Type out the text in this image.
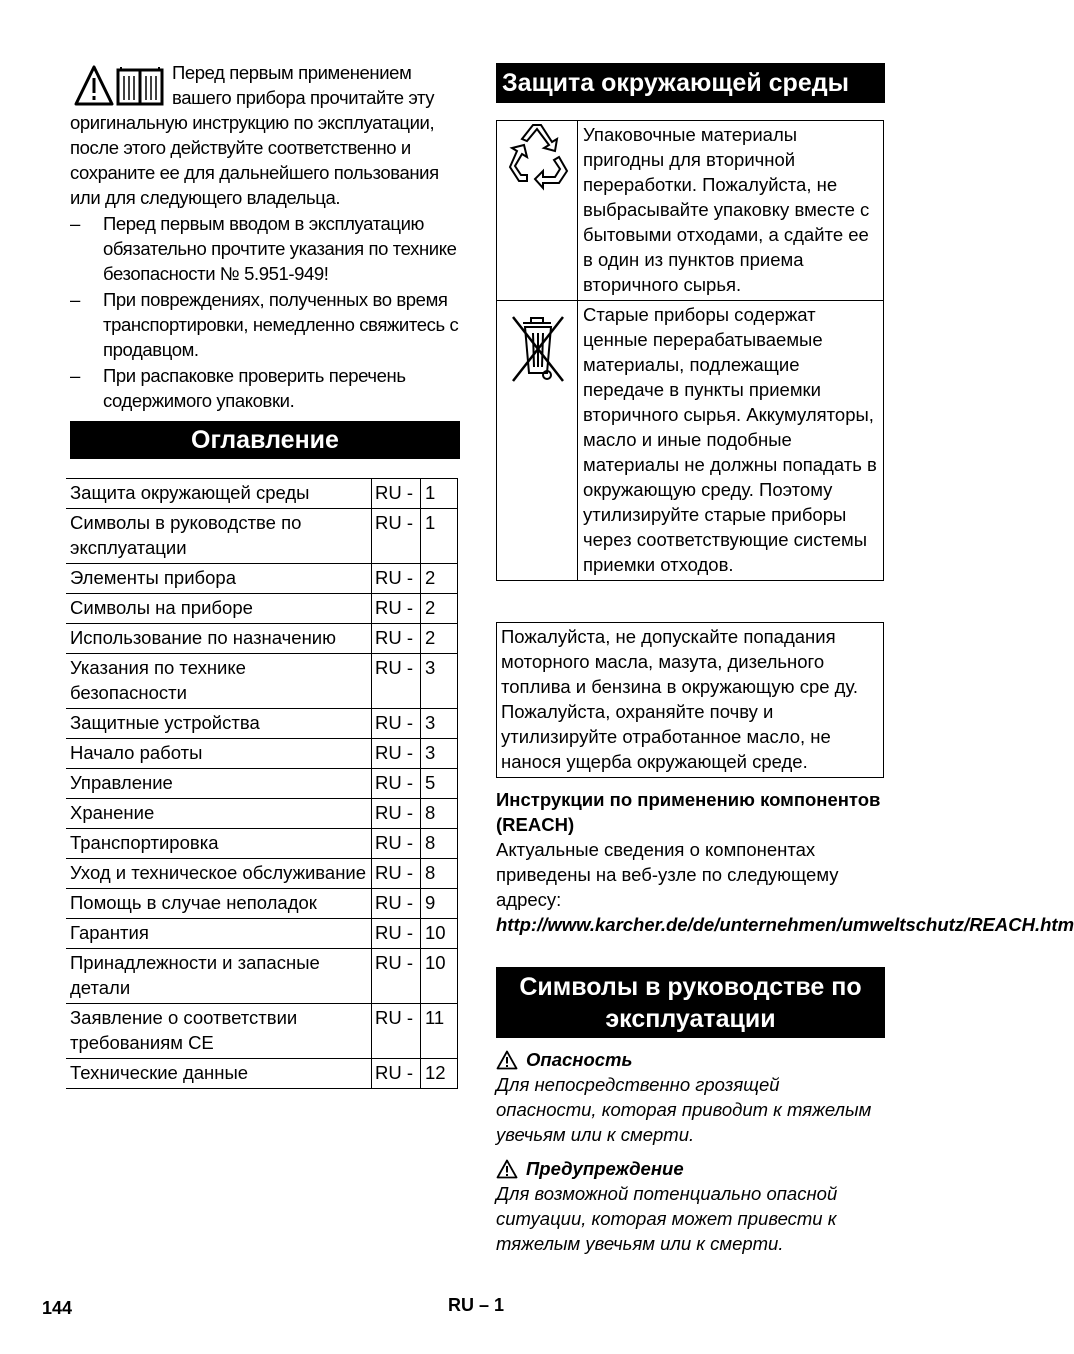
Перед первым применением вашего прибора прочитайте эту оригинальную инструкцию по эксплуатации, после этого действуйте соответственно и сохраните ее для дальнейшего пользования или для следующего владельца.
– Перед первым вводом в эксплуатацию обязательно прочтите указания по технике безопасности № 5.951-949!
– При повреждениях, полученных во время транспортировки, немедленно свяжитесь с продавцом.
– При распаковке проверить перечень содержимого упаковки.
Оглавление
Защита окружающей среды	RU -	1
Символы в руководстве по эксплуатации	RU -	1
Элементы прибора	RU -	2
Символы на приборе	RU -	2
Использование по назначению	RU -	2
Указания по технике безопасности	RU -	3
Защитные устройства	RU -	3
Начало работы	RU -	3
Управление	RU -	5
Хранение	RU -	8
Транспортировка	RU -	8
Уход и техническое обслуживание	RU -	8
Помощь в случае неполадок	RU -	9
Гарантия	RU -	10
Принадлежности и запасные детали	RU -	10
Заявление о соответствии требованиям CE	RU -	11
Технические данные	RU -	12
Защита окружающей среды
	Упаковочные материалы пригодны для вторичной переработки. Пожалуйста, не выбрасывайте упаковку вместе с бытовыми отходами, а сдайте ее в один из пунктов приема вторичного сырья.
	Старые приборы содержат ценные перерабатываемые материалы, подлежащие передаче в пункты приемки вторичного сырья. Аккумуляторы, масло и иные подобные материалы не должны попадать в окружающую среду. Поэтому утилизируйте старые приборы через соответствующие системы приемки отходов.
Пожалуйста, не допускайте попадания моторного масла, мазута, дизельного топлива и бензина в окружающую сре ду. Пожалуйста, охраняйте почву и утилизируйте отработанное масло, не нанося ущерба окружающей среде.
Инструкции по применению компонентов (REACH)
Актуальные сведения о компонентах приведены на веб-узле по следующему адресу:
http://www.karcher.de/de/unternehmen/umweltschutz/REACH.htm
Символы в руководстве по эксплуатации
Опасность

Для непосредственно грозящей опасности, которая приводит к тяжелым увечьям или к смерти.

Предупреждение

Для возможной потенциально опасной ситуации, которая может привести к тяжелым увечьям или к смерти.

144	RU – 1
